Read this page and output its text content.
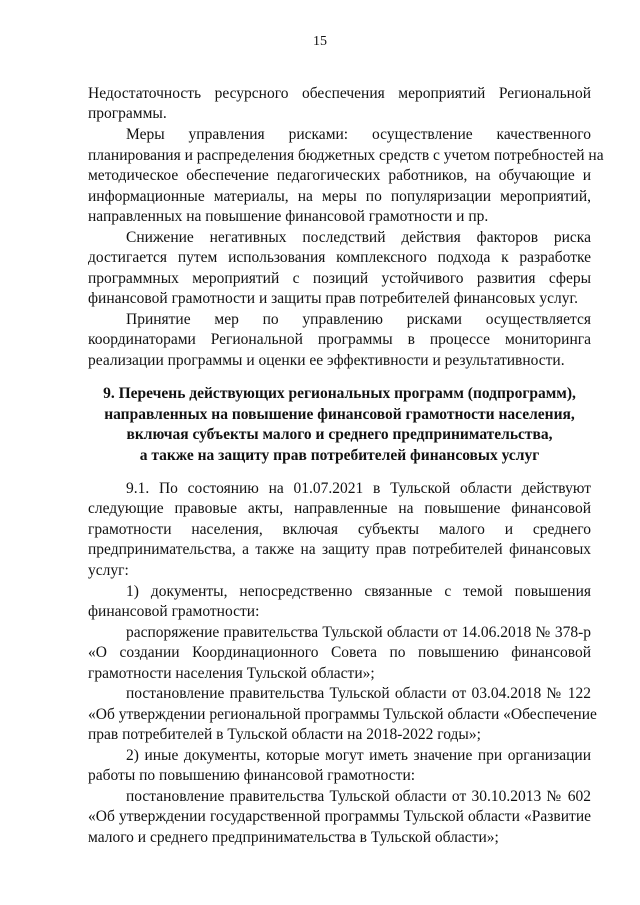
15
Недостаточность ресурсного обеспечения мероприятий Региональной
программы.
Меры управления рисками: осуществление качественного
планирования и распределения бюджетных средств с учетом потребностей на
методическое обеспечение педагогических работников, на обучающие и
информационные материалы, на меры по популяризации мероприятий,
направленных на повышение финансовой грамотности и пр.
Снижение негативных последствий действия факторов риска
достигается путем использования комплексного подхода к разработке
программных мероприятий с позиций устойчивого развития сферы
финансовой грамотности и защиты прав потребителей финансовых услуг.
Принятие мер по управлению рисками осуществляется
координаторами Региональной программы в процессе мониторинга
реализации программы и оценки ее эффективности и результативности.
9. Перечень действующих региональных программ (подпрограмм),
направленных на повышение финансовой грамотности населения,
включая субъекты малого и среднего предпринимательства,
а также на защиту прав потребителей финансовых услуг
9.1. По состоянию на 01.07.2021 в Тульской области действуют
следующие правовые акты, направленные на повышение финансовой
грамотности населения, включая субъекты малого и среднего
предпринимательства, а также на защиту прав потребителей финансовых
услуг:
1) документы, непосредственно связанные с темой повышения
финансовой грамотности:
распоряжение правительства Тульской области от 14.06.2018 № 378-р
«О создании Координационного Совета по повышению финансовой
грамотности населения Тульской области»;
постановление правительства Тульской области от 03.04.2018 № 122
«Об утверждении региональной программы Тульской области «Обеспечение
прав потребителей в Тульской области на 2018-2022 годы»;
2) иные документы, которые могут иметь значение при организации
работы по повышению финансовой грамотности:
постановление правительства Тульской области от 30.10.2013 № 602
«Об утверждении государственной программы Тульской области «Развитие
малого и среднего предпринимательства в Тульской области»;
